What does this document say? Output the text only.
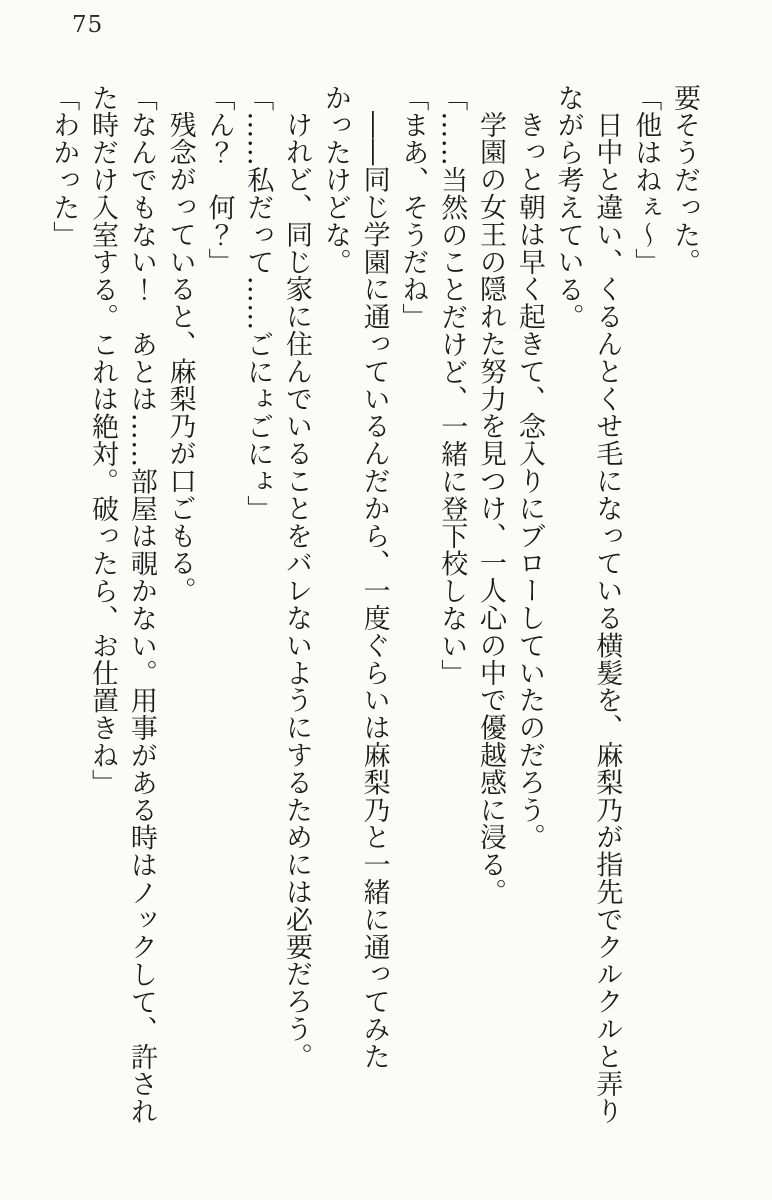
75

要そうだった。

「他はねぇ～」

日中と違い、くるんとくせ毛になっている横髪を、麻梨乃が指先でクルクルと弄り

ながら考えている。

きっと朝は早く起きて、念入りにブローしていたのだろう。

学園の女王の隠れた努力を見つけ、一人心の中で優越感に浸る。

「……当然のことだけど、一緒に登下校しない」

「まあ、そうだね」

――同じ学園に通っているんだから、一度ぐらいは麻梨乃と一緒に通ってみた

かったけどな。

けれど、同じ家に住んでいることをバレないようにするためには必要だろう。

「……私だって……ごにょごにょ」

「ん？　何？」

残念がっていると、麻梨乃が口ごもる。

「なんでもない！　あとは……部屋は覗かない。用事がある時はノックして、許され

た時だけ入室する。これは絶対。破ったら、お仕置きね」

「わかった」
